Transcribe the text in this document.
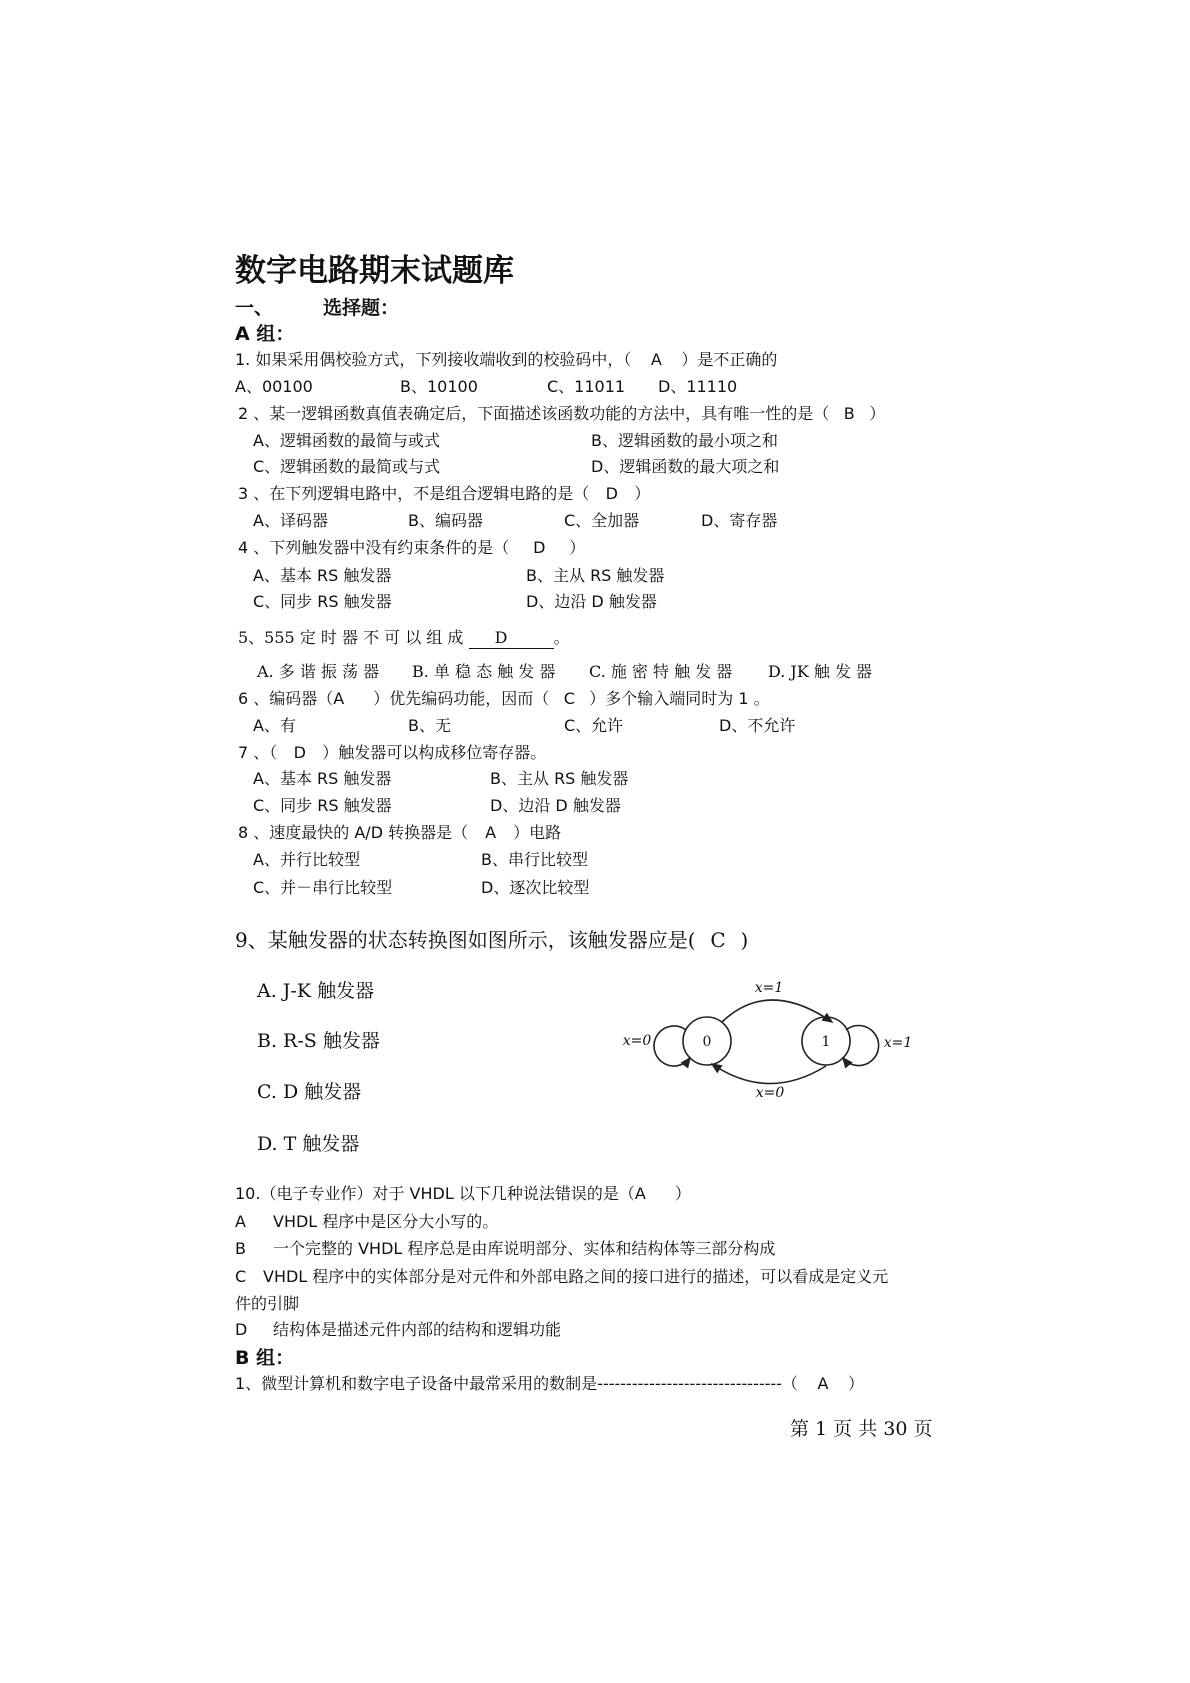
数字电路期末试题库
一、	选择题：
A 组：
1. 如果采用偶校验方式，下列接收端收到的校验码中，（ A ）是不正确的
A、00100	B、10100	C、11011 D、11110
2 、某一逻辑函数真值表确定后，下面描述该函数功能的方法中，具有唯一性的是（ B ）
A、逻辑函数的最简与或式	B、逻辑函数的最小项之和
C、逻辑函数的最简或与式	D、逻辑函数的最大项之和
3 、在下列逻辑电路中，不是组合逻辑电路的是（ D ）
A、译码器	B、编码器	C、全加器	D、寄存器
4 、下列触发器中没有约束条件的是（ D ）
A、基本 RS 触发器	B、主从 RS 触发器
C、同步 RS 触发器	D、边沿 D 触发器
5、555 定 时 器 不 可 以 组 成 D	。
A. 多 谐 振 荡 器 B. 单 稳 态 触 发 器 C. 施 密 特 触 发 器 D. JK 触 发 器
6 、编码器（A ）优先编码功能，因而（ C ）多个输入端同时为 1 。
A、有	B、无	C、允许	D、不允许
7 、（ D ）触发器可以构成移位寄存器。
A、基本 RS 触发器	B、主从 RS 触发器
C、同步 RS 触发器	D、边沿 D 触发器
8 、速度最快的 A/D 转换器是（ A ）电路
A、并行比较型	B、串行比较型
C、并－串行比较型	D、逐次比较型
9、某触发器的状态转换图如图所示，该触发器应是( C )
A. J-K 触发器
B. R-S 触发器
C. D 触发器
D. T 触发器
0	1
x=0	x=1
x=1
x=0
10.（电子专业作）对于 VHDL 以下几种说法错误的是（A ）
A VHDL 程序中是区分大小写的。
B 一个完整的 VHDL 程序总是由库说明部分、实体和结构体等三部分构成
C VHDL 程序中的实体部分是对元件和外部电路之间的接口进行的描述，可以看成是定义元
件的引脚
D 结构体是描述元件内部的结构和逻辑功能
B 组：
1、微型计算机和数字电子设备中最常采用的数制是--------------------------------（ A ）
第 1 页 共 30 页
